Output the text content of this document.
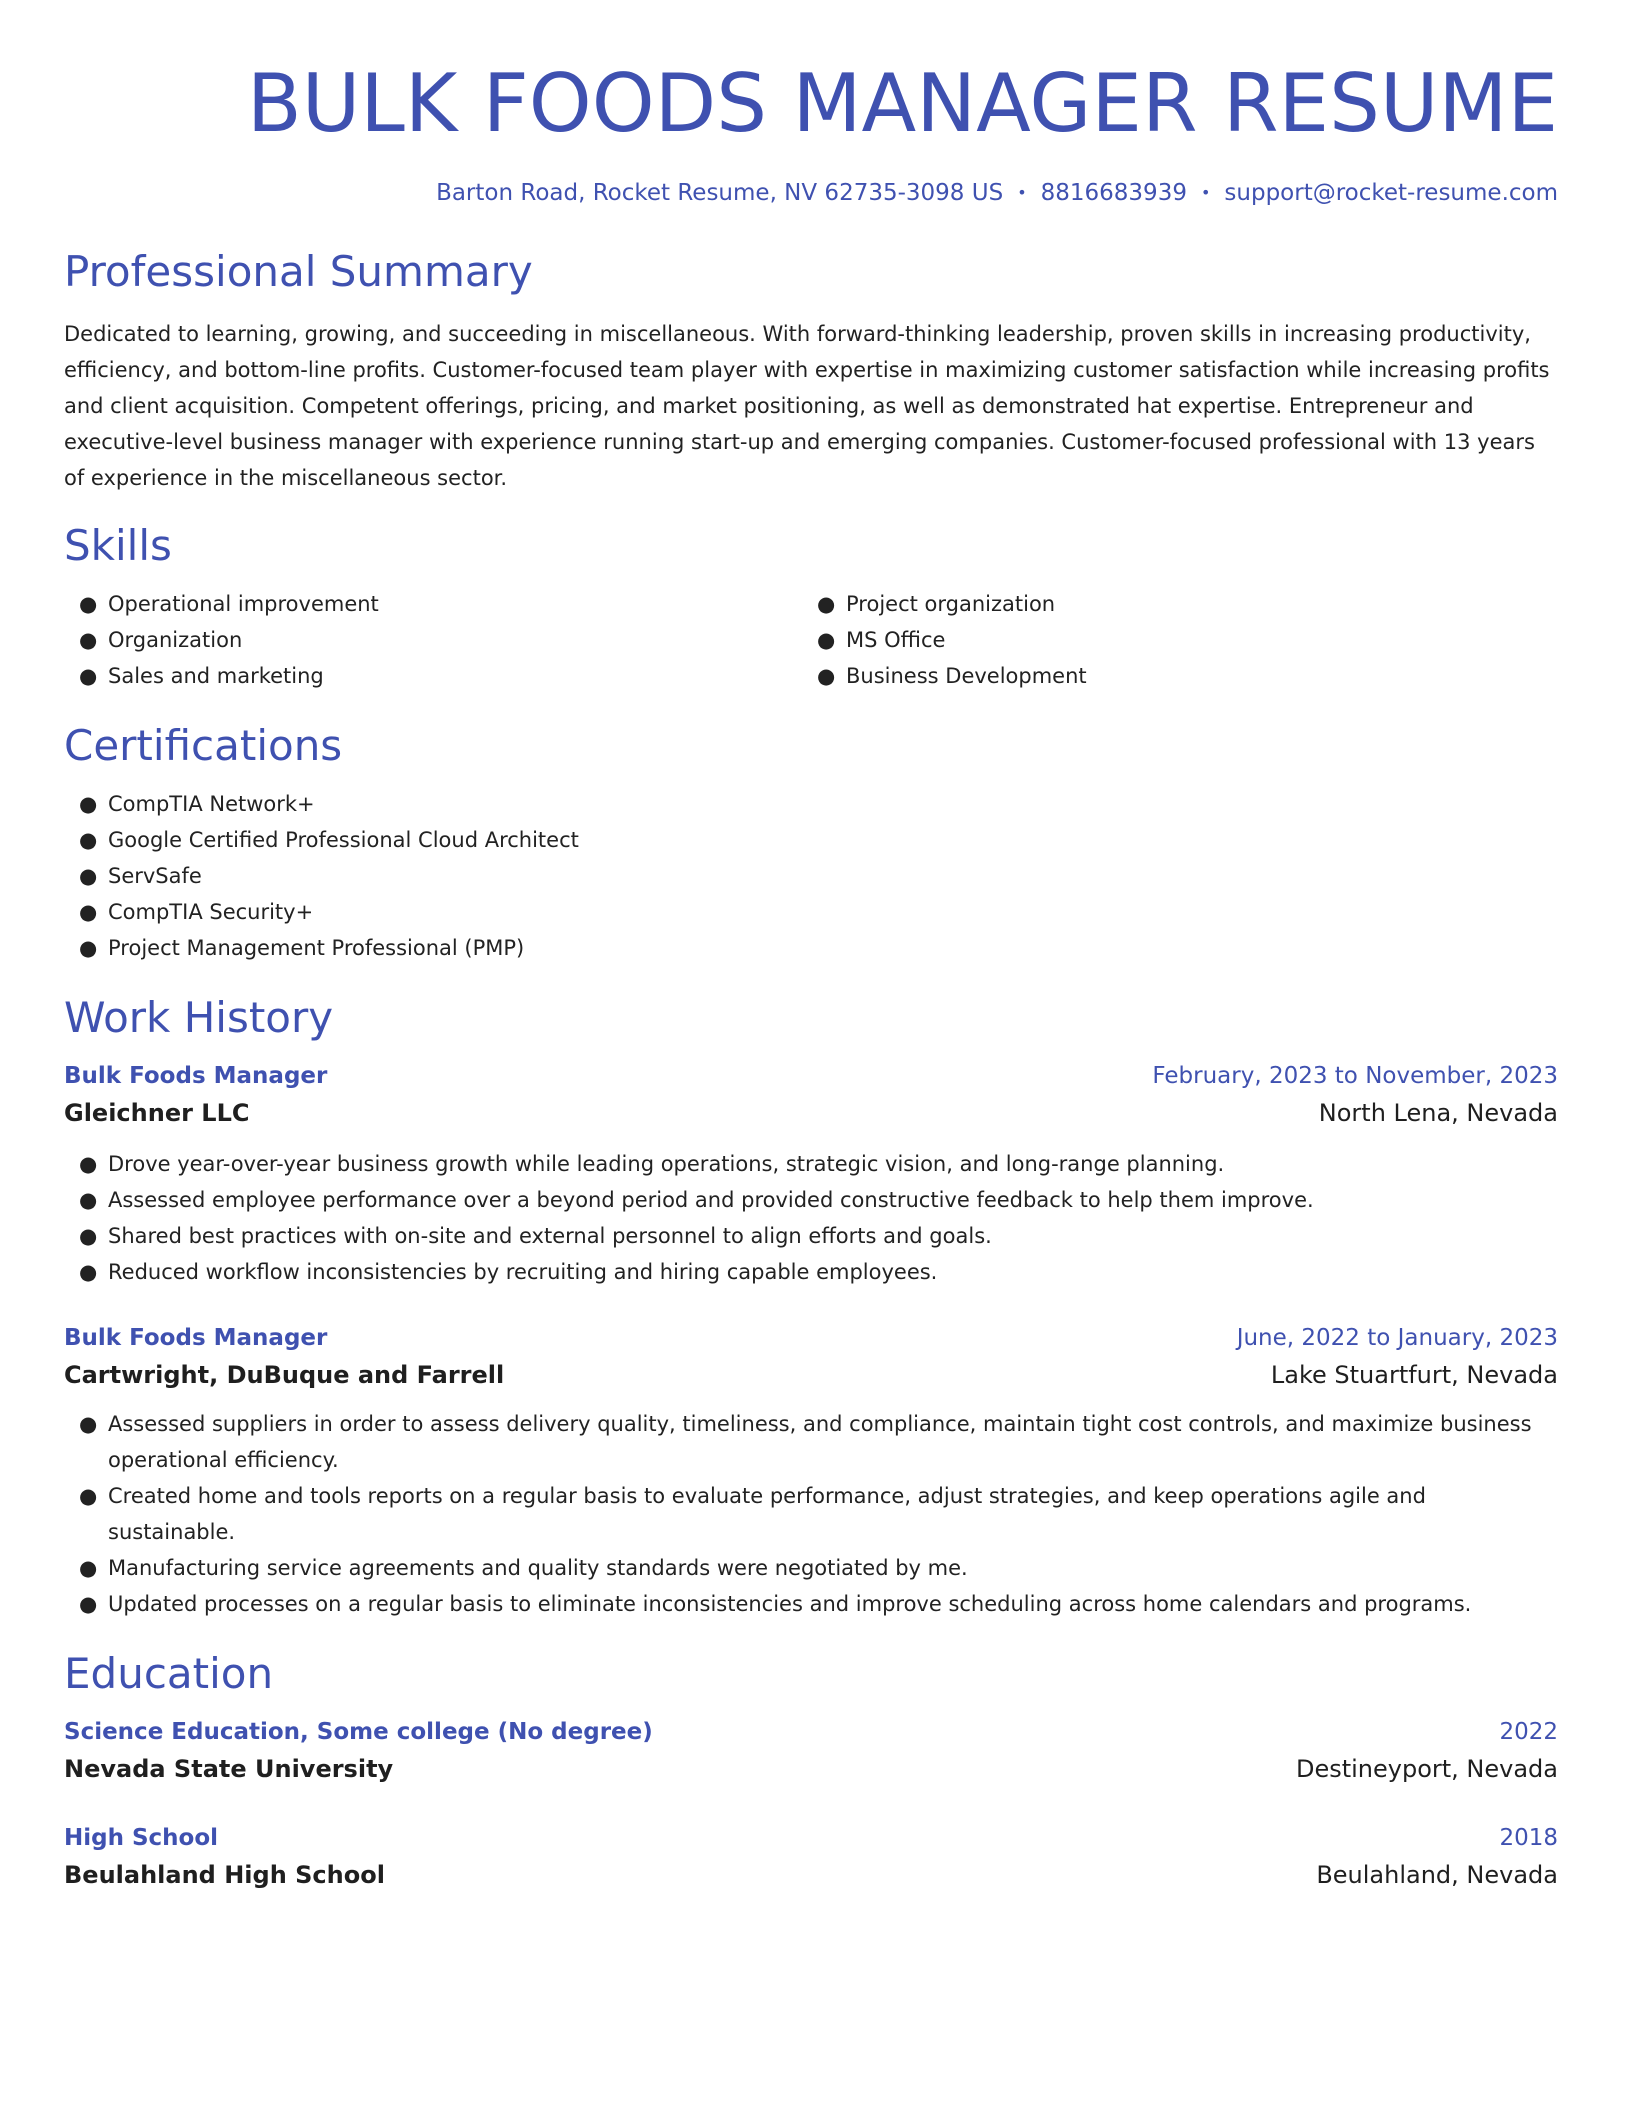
BULK FOODS MANAGER RESUME
Barton Road, Rocket Resume, NV 62735-3098 US • 8816683939 • support@rocket-resume.com
Professional Summary

Dedicated to learning, growing, and succeeding in miscellaneous. With forward-thinking leadership, proven skills in increasing productivity, efficiency, and bottom-line profits. Customer-focused team player with expertise in maximizing customer satisfaction while increasing profits and client acquisition. Competent offerings, pricing, and market positioning, as well as demonstrated hat expertise. Entrepreneur and executive-level business manager with experience running start-up and emerging companies. Customer-focused professional with 13 years of experience in the miscellaneous sector.

Skills
● Operational improvement
● Organization
● Sales and marketing
● Project organization
● MS Office
● Business Development
Certifications
● CompTIA Network+
● Google Certified Professional Cloud Architect
● ServSafe
● CompTIA Security+
● Project Management Professional (PMP)
Work History
Bulk Foods Manager	February, 2023 to November, 2023
Gleichner LLC	North Lena, Nevada
● Drove year-over-year business growth while leading operations, strategic vision, and long-range planning.
● Assessed employee performance over a beyond period and provided constructive feedback to help them improve.
● Shared best practices with on-site and external personnel to align efforts and goals.
● Reduced workflow inconsistencies by recruiting and hiring capable employees.
Bulk Foods Manager	June, 2022 to January, 2023
Cartwright, DuBuque and Farrell	Lake Stuartfurt, Nevada
● Assessed suppliers in order to assess delivery quality, timeliness, and compliance, maintain tight cost controls, and maximize business operational efficiency.
● Created home and tools reports on a regular basis to evaluate performance, adjust strategies, and keep operations agile and sustainable.
● Manufacturing service agreements and quality standards were negotiated by me.
● Updated processes on a regular basis to eliminate inconsistencies and improve scheduling across home calendars and programs.
Education
Science Education, Some college (No degree)	2022
Nevada State University	Destineyport, Nevada
High School	2018
Beulahland High School	Beulahland, Nevada
